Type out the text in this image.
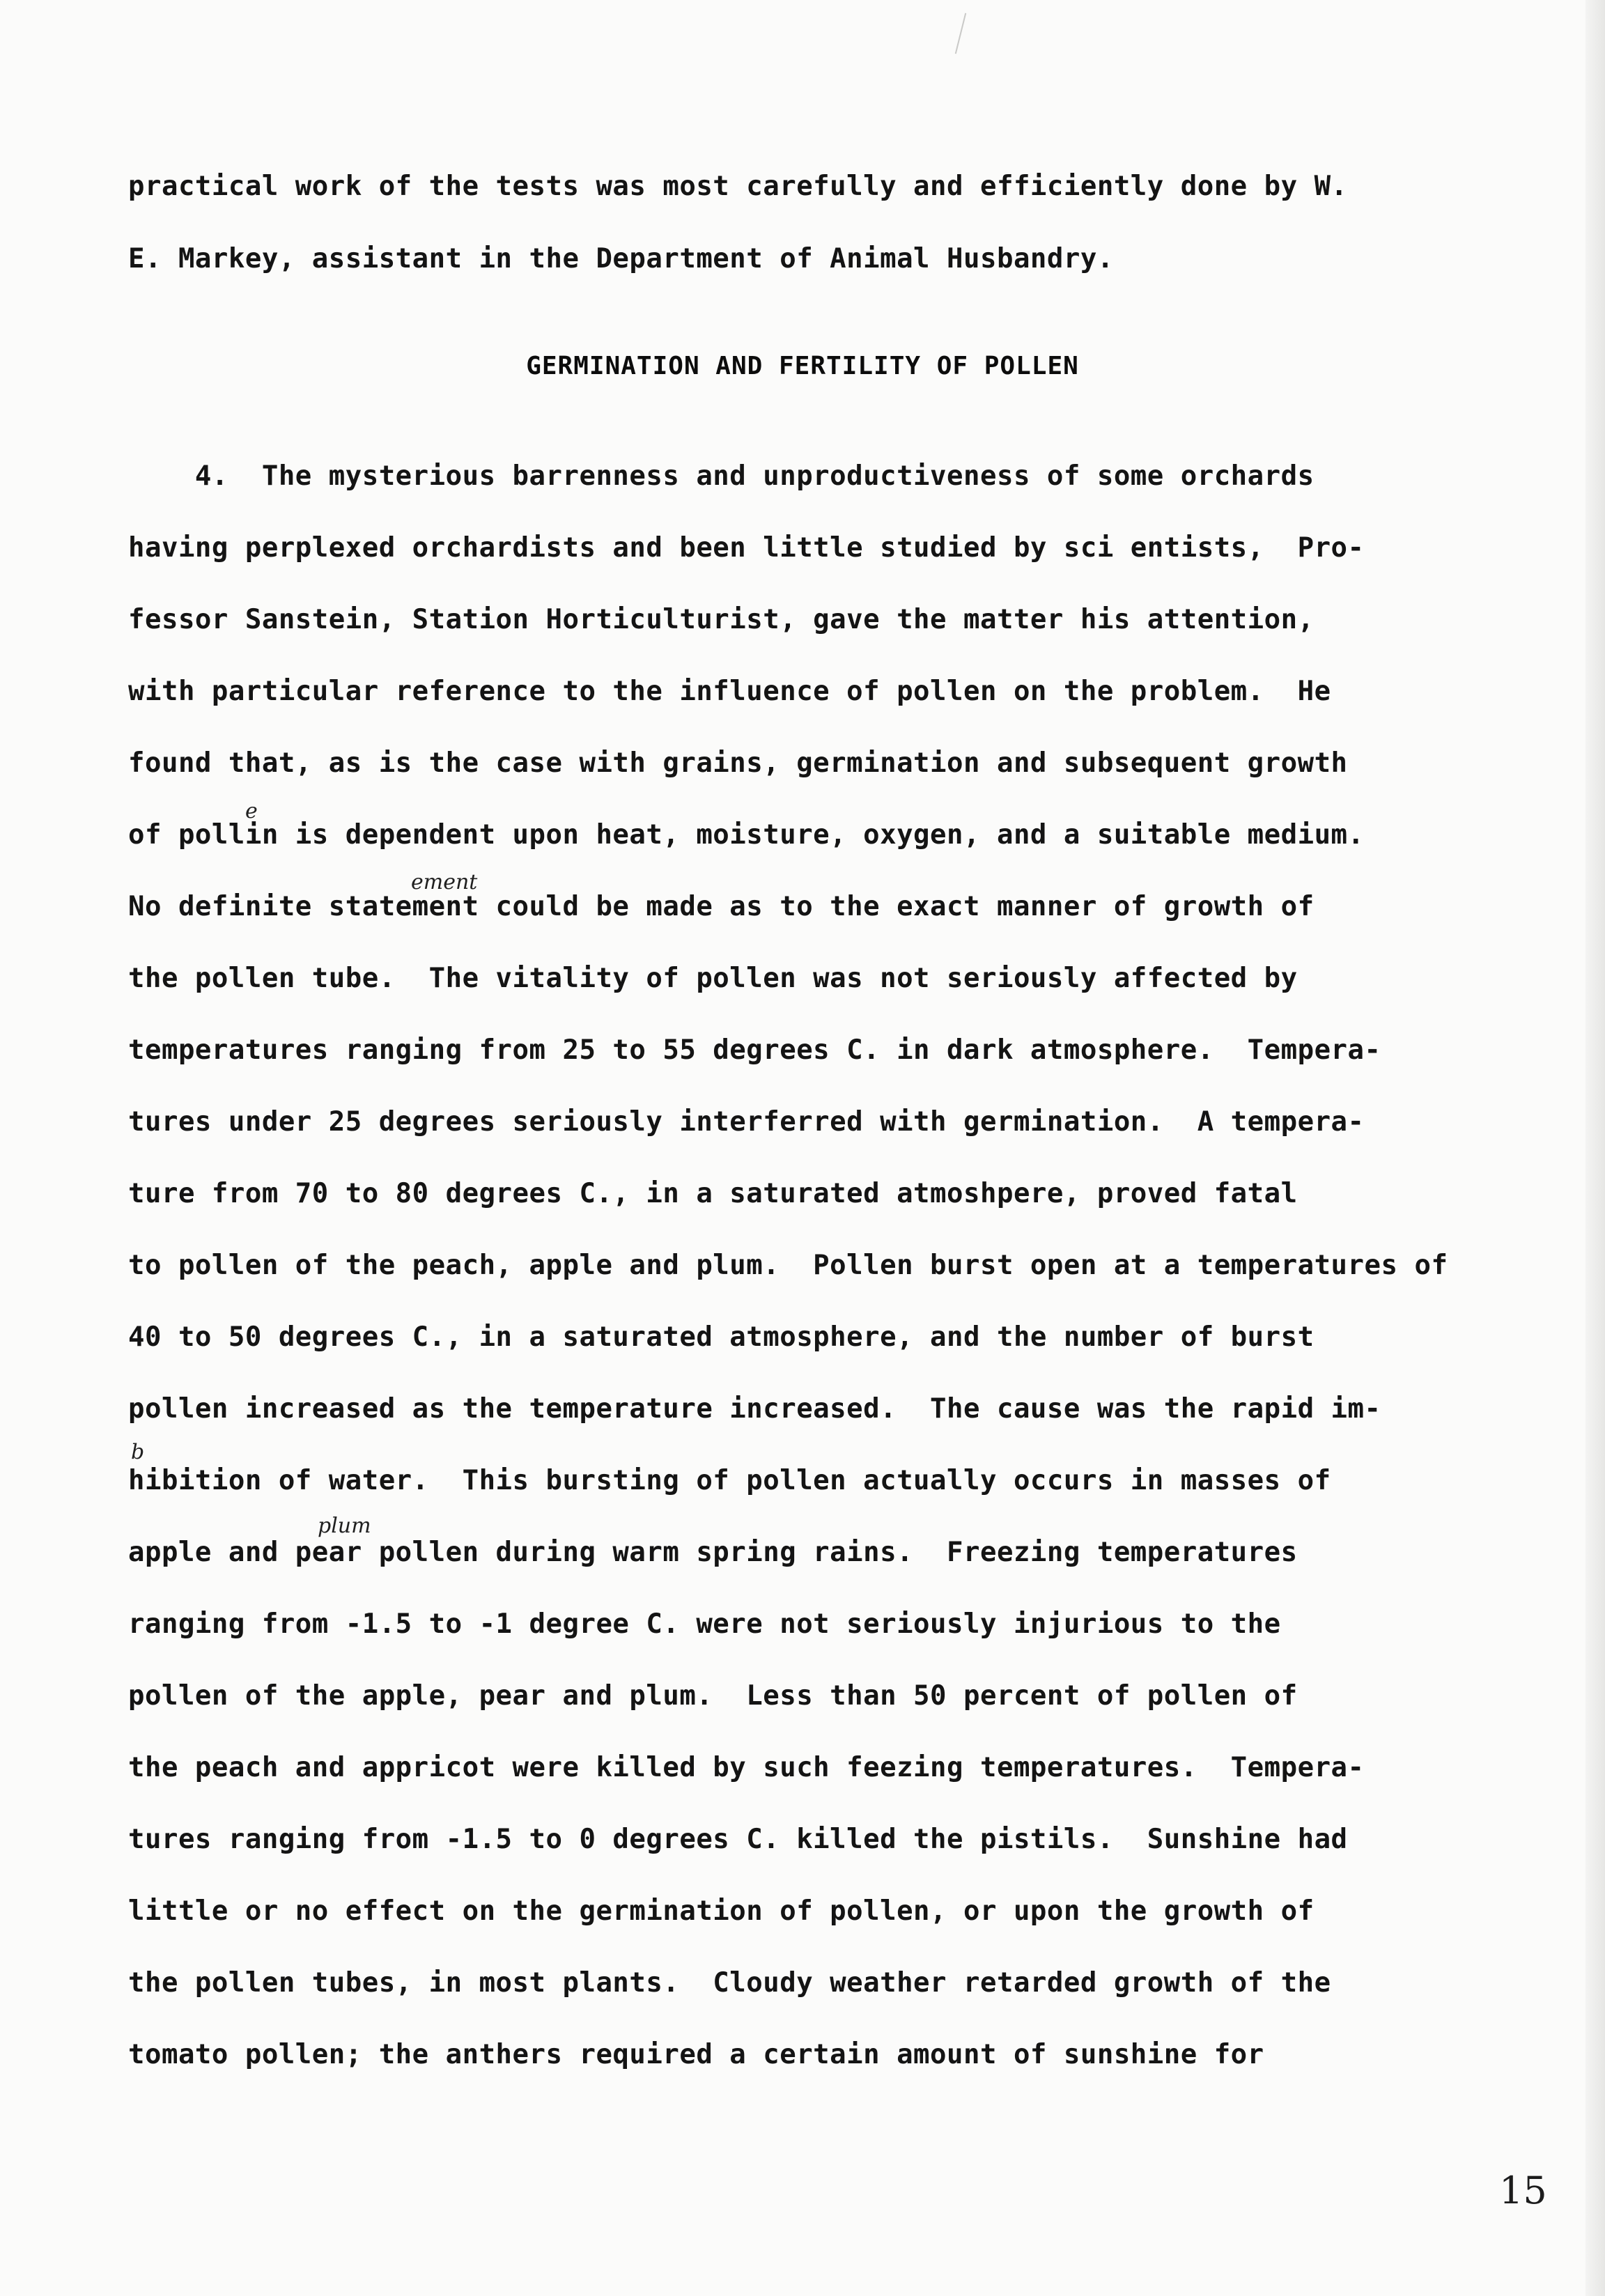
practical work of the tests was most carefully and efficiently done by W.
E. Markey, assistant in the Department of Animal Husbandry.
GERMINATION AND FERTILITY OF POLLEN
4.  The mysterious barrenness and unproductiveness of some orchards
having perplexed orchardists and been little studied by sci entists,  Pro-
fessor Sanstein, Station Horticulturist, gave the matter his attention,
with particular reference to the influence of pollen on the problem.  He
found that, as is the case with grains, germination and subsequent growth
of pollin is dependent upon heat, moisture, oxygen, and a suitable medium.
No definite statement could be made as to the exact manner of growth of
the pollen tube.  The vitality of pollen was not seriously affected by
temperatures ranging from 25 to 55 degrees C. in dark atmosphere.  Tempera-
tures under 25 degrees seriously interferred with germination.  A tempera-
ture from 70 to 80 degrees C., in a saturated atmoshpere, proved fatal
to pollen of the peach, apple and plum.  Pollen burst open at a temperatures of
40 to 50 degrees C., in a saturated atmosphere, and the number of burst
pollen increased as the temperature increased.  The cause was the rapid im-
hibition of water.  This bursting of pollen actually occurs in masses of
apple and pear pollen during warm spring rains.  Freezing temperatures
ranging from -1.5 to -1 degree C. were not seriously injurious to the
pollen of the apple, pear and plum.  Less than 50 percent of pollen of
the peach and appricot were killed by such feezing temperatures.  Tempera-
tures ranging from -1.5 to 0 degrees C. killed the pistils.  Sunshine had
little or no effect on the germination of pollen, or upon the growth of
the pollen tubes, in most plants.  Cloudy weather retarded growth of the
tomato pollen; the anthers required a certain amount of sunshine for
e
ement
b
plum
15
